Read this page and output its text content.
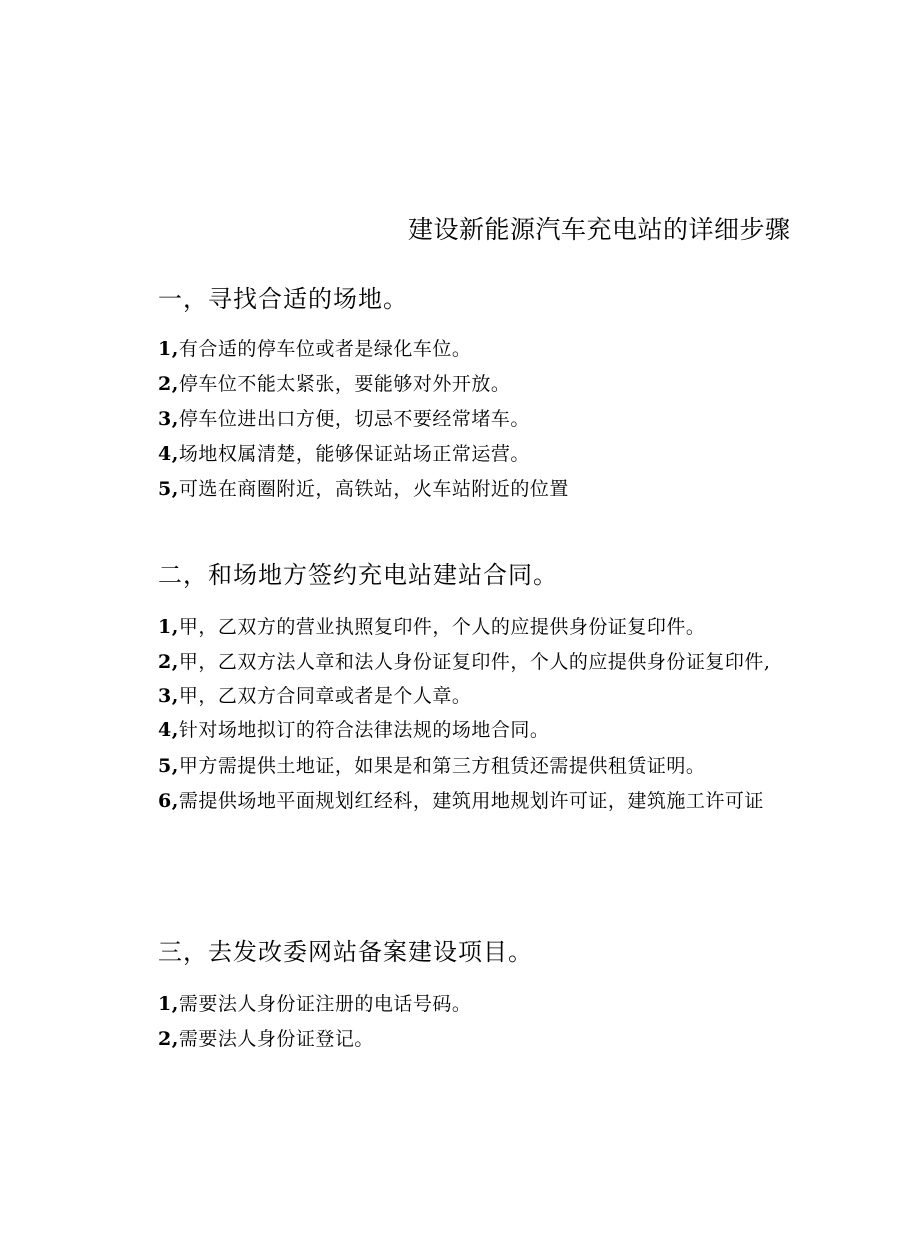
建设新能源汽车充电站的详细步骤
一，寻找合适的场地。
1,有合适的停车位或者是绿化车位。
2,停车位不能太紧张，要能够对外开放。
3,停车位进出口方便，切忌不要经常堵车。
4,场地权属清楚，能够保证站场正常运营。
5,可选在商圈附近，高铁站，火车站附近的位置
二，和场地方签约充电站建站合同。
1,甲，乙双方的营业执照复印件，个人的应提供身份证复印件。
2,甲，乙双方法人章和法人身份证复印件，个人的应提供身份证复印件,
3,甲，乙双方合同章或者是个人章。
4,针对场地拟订的符合法律法规的场地合同。
5,甲方需提供土地证，如果是和第三方租赁还需提供租赁证明。
6,需提供场地平面规划红经科，建筑用地规划许可证，建筑施工许可证
三，去发改委网站备案建设项目。
1,需要法人身份证注册的电话号码。
2,需要法人身份证登记。
